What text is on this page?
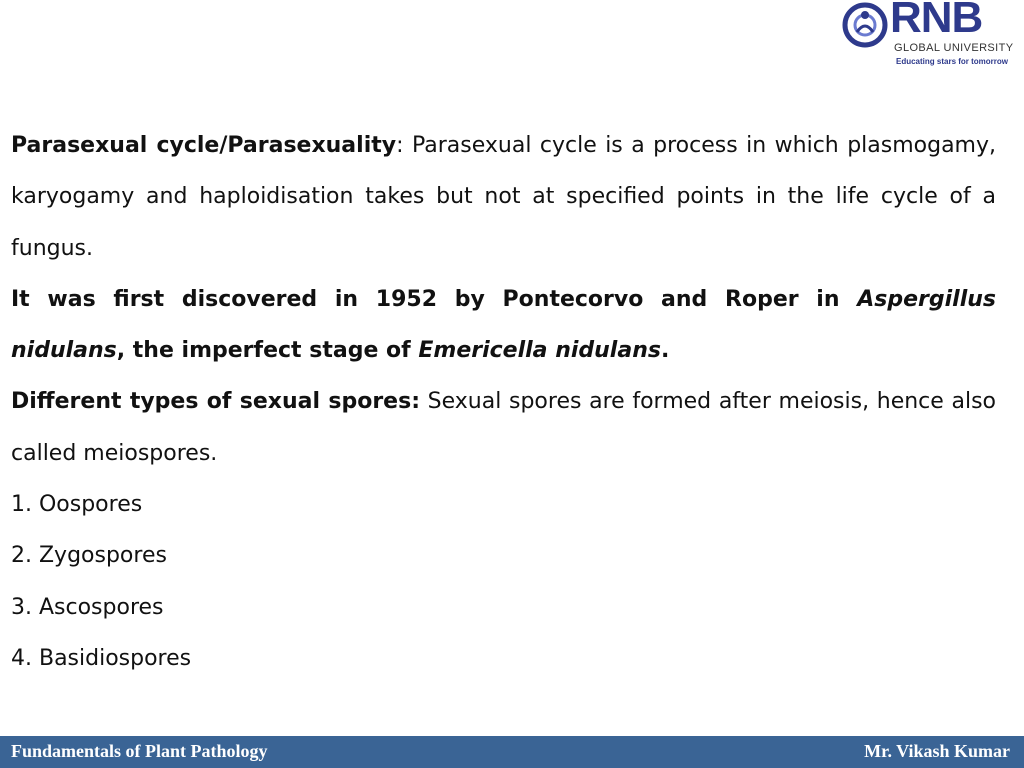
RNB
GLOBAL UNIVERSITY
Educating stars for tomorrow

Parasexual cycle/Parasexuality: Parasexual cycle is a process in which plasmogamy, karyogamy and haploidisation takes but not at specified points in the life cycle of a fungus.

It was first discovered in 1952 by Pontecorvo and Roper in Aspergillus nidulans, the imperfect stage of Emericella nidulans.

Different types of sexual spores: Sexual spores are formed after meiosis, hence also called meiospores.

1. Oospores

2. Zygospores

3. Ascospores

4. Basidiospores

Fundamentals of Plant Pathology	Mr. Vikash Kumar
